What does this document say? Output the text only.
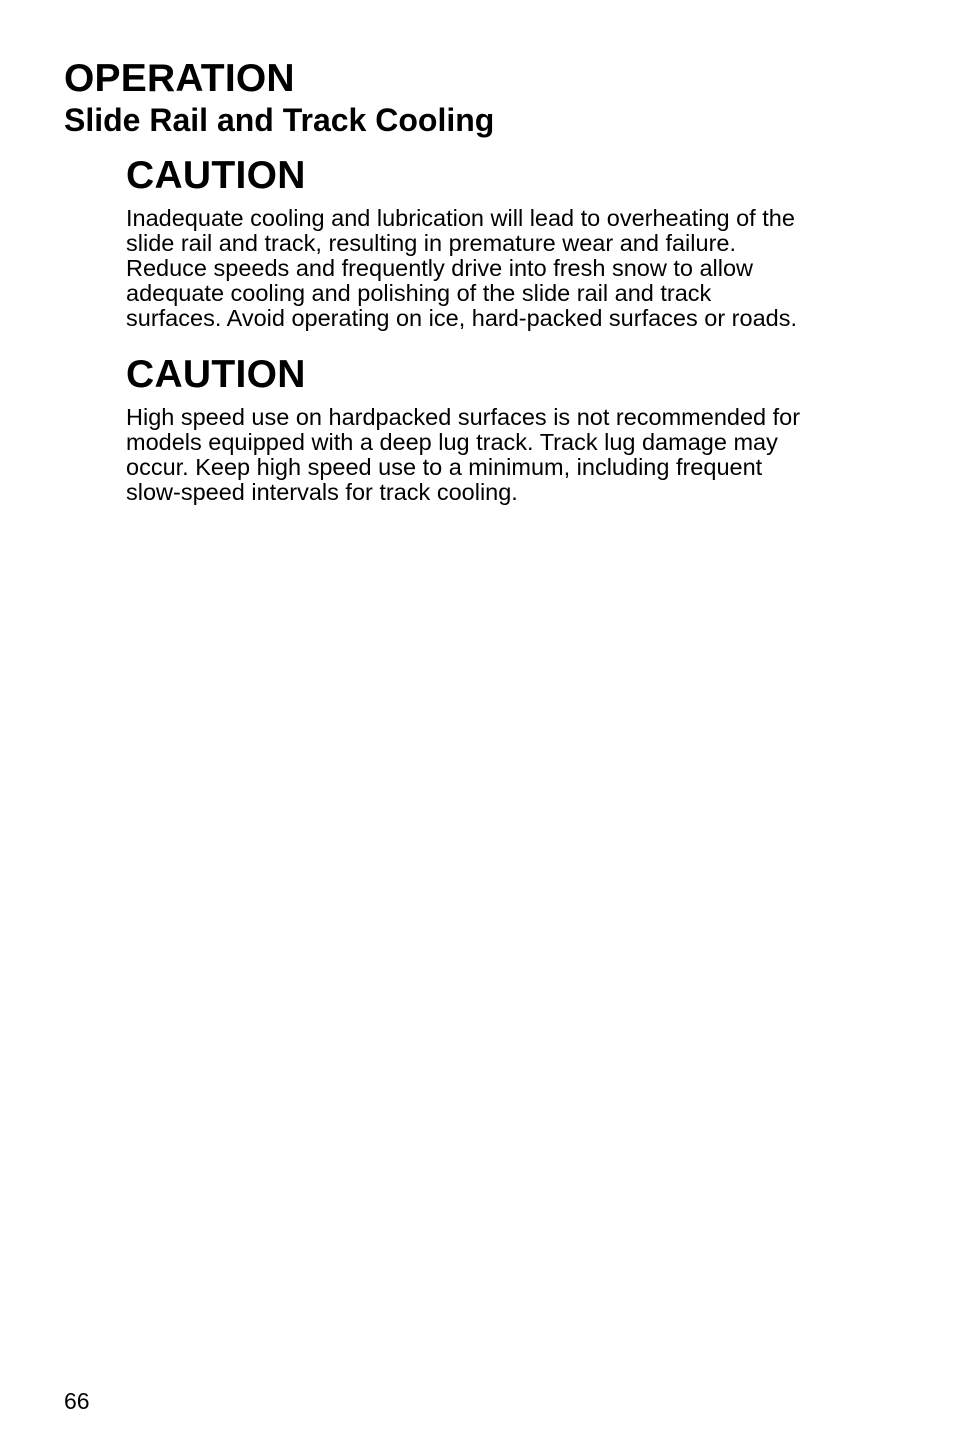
OPERATION
Slide Rail and Track Cooling
CAUTION

Inadequate cooling and lubrication will lead to overheating of the
slide rail and track, resulting in premature wear and failure.
Reduce speeds and frequently drive into fresh snow to allow
adequate cooling and polishing of the slide rail and track
surfaces. Avoid operating on ice, hard-packed surfaces or roads.

CAUTION

High speed use on hardpacked surfaces is not recommended for
models equipped with a deep lug track. Track lug damage may
occur. Keep high speed use to a minimum, including frequent
slow-speed intervals for track cooling.

66
